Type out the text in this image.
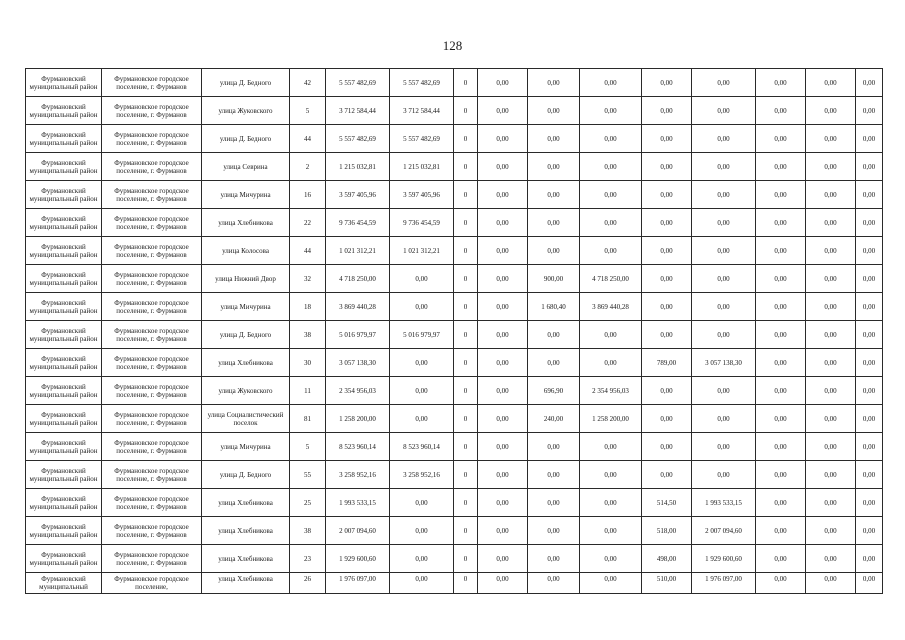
128
Фурмановский муниципальный район	Фурмановское городское поселение, г. Фурманов	улица Д. Бедного	42	5 557 482,69	5 557 482,69	0	0,00	0,00	0,00	0,00	0,00	0,00	0,00	0,00
Фурмановский муниципальный район	Фурмановское городское поселение, г. Фурманов	улица Жуковского	5	3 712 584,44	3 712 584,44	0	0,00	0,00	0,00	0,00	0,00	0,00	0,00	0,00
Фурмановский муниципальный район	Фурмановское городское поселение, г. Фурманов	улица Д. Бедного	44	5 557 482,69	5 557 482,69	0	0,00	0,00	0,00	0,00	0,00	0,00	0,00	0,00
Фурмановский муниципальный район	Фурмановское городское поселение, г. Фурманов	улица Севрина	2	1 215 032,81	1 215 032,81	0	0,00	0,00	0,00	0,00	0,00	0,00	0,00	0,00
Фурмановский муниципальный район	Фурмановское городское поселение, г. Фурманов	улица Мичурина	16	3 597 405,96	3 597 405,96	0	0,00	0,00	0,00	0,00	0,00	0,00	0,00	0,00
Фурмановский муниципальный район	Фурмановское городское поселение, г. Фурманов	улица Хлебникова	22	9 736 454,59	9 736 454,59	0	0,00	0,00	0,00	0,00	0,00	0,00	0,00	0,00
Фурмановский муниципальный район	Фурмановское городское поселение, г. Фурманов	улица Колосова	44	1 021 312,21	1 021 312,21	0	0,00	0,00	0,00	0,00	0,00	0,00	0,00	0,00
Фурмановский муниципальный район	Фурмановское городское поселение, г. Фурманов	улица Нижний Двор	32	4 718 250,00	0,00	0	0,00	900,00	4 718 250,00	0,00	0,00	0,00	0,00	0,00
Фурмановский муниципальный район	Фурмановское городское поселение, г. Фурманов	улица Мичурина	18	3 869 440,28	0,00	0	0,00	1 680,40	3 869 440,28	0,00	0,00	0,00	0,00	0,00
Фурмановский муниципальный район	Фурмановское городское поселение, г. Фурманов	улица Д. Бедного	38	5 016 979,97	5 016 979,97	0	0,00	0,00	0,00	0,00	0,00	0,00	0,00	0,00
Фурмановский муниципальный район	Фурмановское городское поселение, г. Фурманов	улица Хлебникова	30	3 057 138,30	0,00	0	0,00	0,00	0,00	789,00	3 057 138,30	0,00	0,00	0,00
Фурмановский муниципальный район	Фурмановское городское поселение, г. Фурманов	улица Жуковского	11	2 354 956,03	0,00	0	0,00	696,90	2 354 956,03	0,00	0,00	0,00	0,00	0,00
Фурмановский муниципальный район	Фурмановское городское поселение, г. Фурманов	улица Социалистический поселок	81	1 258 200,00	0,00	0	0,00	240,00	1 258 200,00	0,00	0,00	0,00	0,00	0,00
Фурмановский муниципальный район	Фурмановское городское поселение, г. Фурманов	улица Мичурина	5	8 523 960,14	8 523 960,14	0	0,00	0,00	0,00	0,00	0,00	0,00	0,00	0,00
Фурмановский муниципальный район	Фурмановское городское поселение, г. Фурманов	улица Д. Бедного	55	3 258 952,16	3 258 952,16	0	0,00	0,00	0,00	0,00	0,00	0,00	0,00	0,00
Фурмановский муниципальный район	Фурмановское городское поселение, г. Фурманов	улица Хлебникова	25	1 993 533,15	0,00	0	0,00	0,00	0,00	514,50	1 993 533,15	0,00	0,00	0,00
Фурмановский муниципальный район	Фурмановское городское поселение, г. Фурманов	улица Хлебникова	38	2 007 094,60	0,00	0	0,00	0,00	0,00	518,00	2 007 094,60	0,00	0,00	0,00
Фурмановский муниципальный район	Фурмановское городское поселение, г. Фурманов	улица Хлебникова	23	1 929 600,60	0,00	0	0,00	0,00	0,00	498,00	1 929 600,60	0,00	0,00	0,00
Фурмановский муниципальный	Фурмановское городское поселение,	улица Хлебникова	26	1 976 097,00	0,00	0	0,00	0,00	0,00	510,00	1 976 097,00	0,00	0,00	0,00
